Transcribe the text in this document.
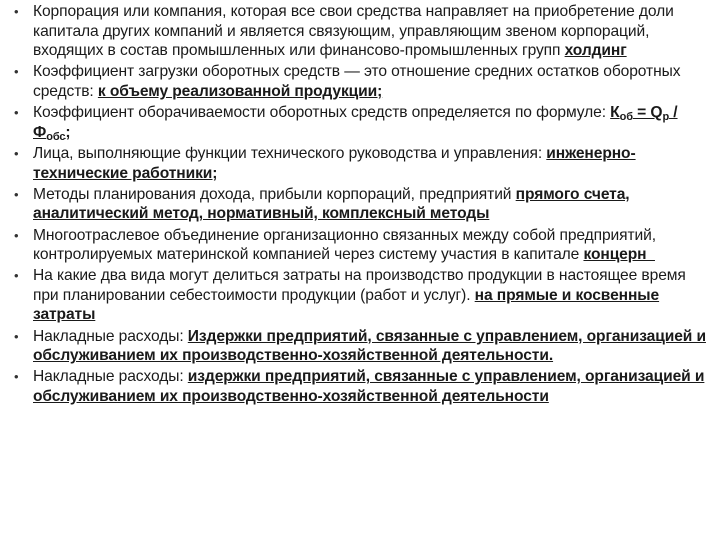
• Корпорация или компания, которая все свои средства направляет на приобретение доли капитала других компаний и является связующим, управляющим звеном корпораций, входящих в состав промышленных или финансово-промышленных групп холдинг
• Коэффициент загрузки оборотных средств — это отношение средних остатков оборотных средств: к объему реализованной продукции;
• Коэффициент оборачиваемости оборотных средств определяется по формуле: $К_{об} = Q_р / Ф_{обс}$;
• Лица, выполняющие функции технического руководства и управления: инженерно-технические работники;
• Методы планирования дохода, прибыли корпораций, предприятий прямого счета, аналитический метод, нормативный, комплексный методы
• Многоотраслевое объединение организационно связанных между собой предприятий, контролируемых материнской компанией через систему участия в капитале концерн
• На какие два вида могут делиться затраты на производство продукции в настоящее время при планировании себестоимости продукции (работ и услуг). на прямые и косвенные затраты
• Накладные расходы: Издержки предприятий, связанные с управлением, организацией и обслуживанием их производственно-хозяйственной деятельности.
• Накладные расходы: издержки предприятий, связанные с управлением, организацией и обслуживанием их производственно-хозяйственной деятельности
